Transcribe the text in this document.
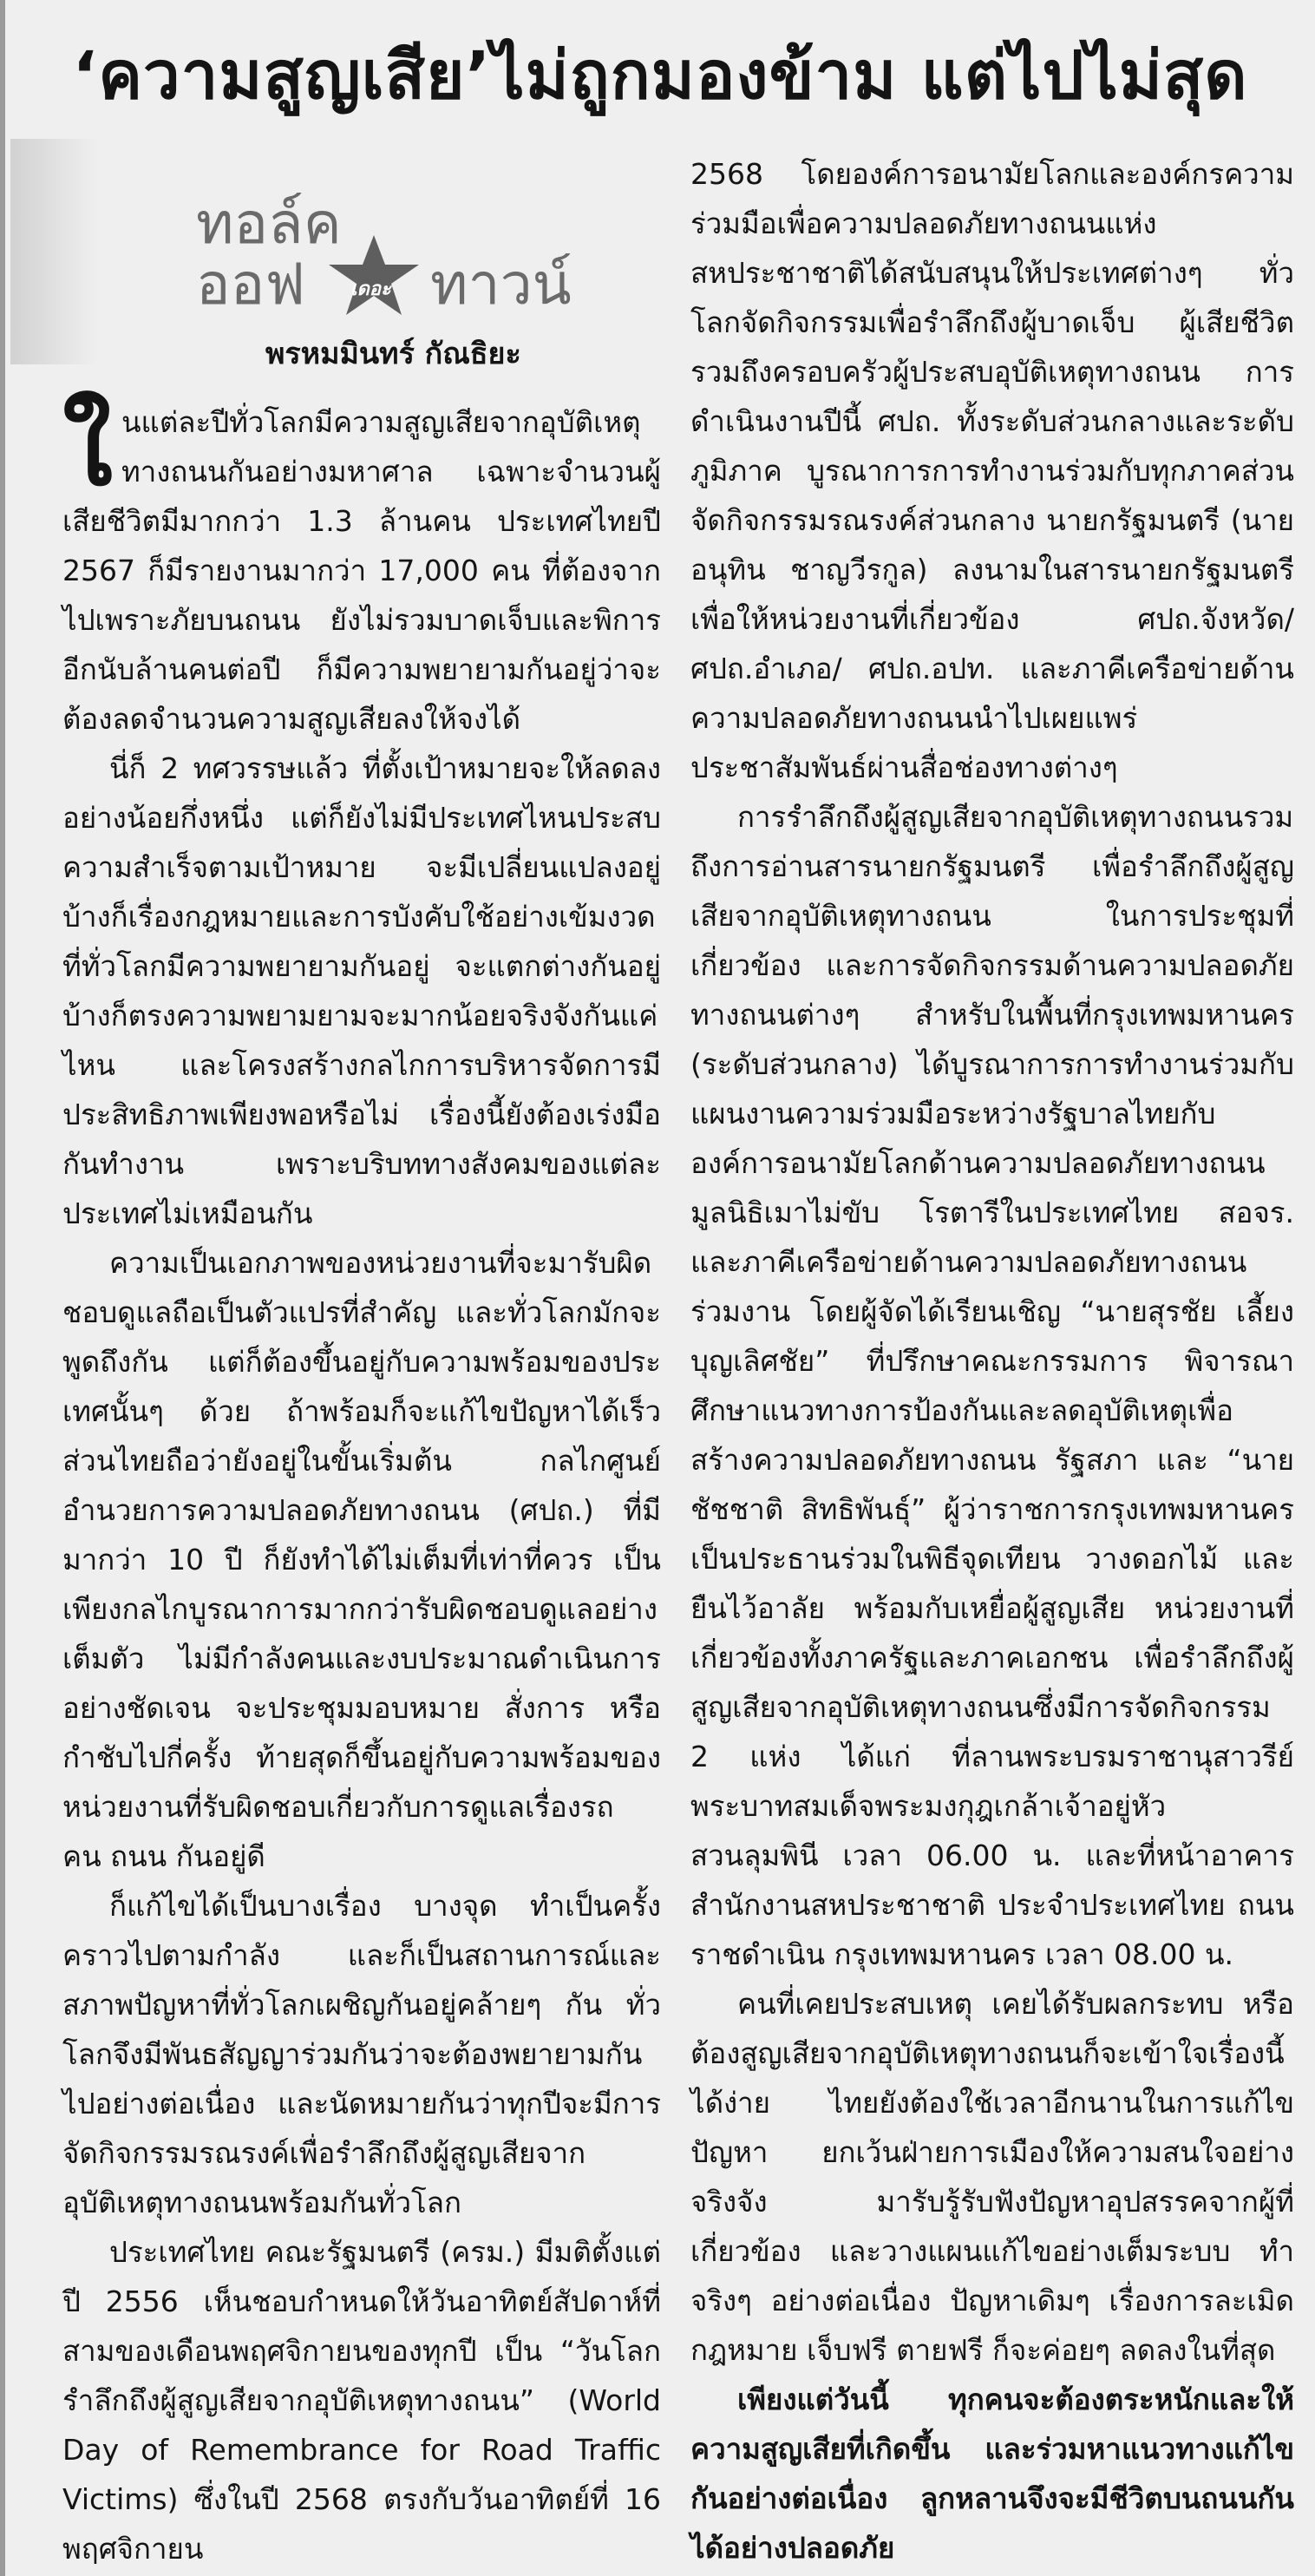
‘ความสูญเสีย’ไม่ถูกมองข้าม แต่ไปไม่สุด
ทอล์ค
ออฟ เดอะ ทาวน์
พรหมมินทร์ กัณธิยะ

ใ นแต่ละปีทั่วโลกมีความสูญเสียจากอุบัติเหตุทางถนนกันอย่างมหาศาล เฉพาะจำนวนผู้เสียชีวิตมีมากกว่า 1.3 ล้านคน ประเทศไทยปี 2567 ก็มีรายงานมากว่า 17,000 คน ที่ต้องจากไปเพราะภัยบนถนน ยังไม่รวมบาดเจ็บและพิการอีกนับล้านคนต่อปี ก็มีความพยายามกันอยู่ว่าจะต้องลดจำนวนความสูญเสียลงให้จงได้

นี่ก็ 2 ทศวรรษแล้ว ที่ตั้งเป้าหมายจะให้ลดลงอย่างน้อยกึ่งหนึ่ง แต่ก็ยังไม่มีประเทศไหนประสบความสำเร็จตามเป้าหมาย จะมีเปลี่ยนแปลงอยู่บ้างก็เรื่องกฎหมายและการบังคับใช้อย่างเข้มงวดที่ทั่วโลกมีความพยายามกันอยู่ จะแตกต่างกันอยู่บ้างก็ตรงความพยามยามจะมากน้อยจริงจังกันแค่ไหน และโครงสร้างกลไกการบริหารจัดการมีประสิทธิภาพเพียงพอหรือไม่ เรื่องนี้ยังต้องเร่งมือกันทำงาน เพราะบริบททางสังคมของแต่ละประเทศไม่เหมือนกัน

ความเป็นเอกภาพของหน่วยงานที่จะมารับผิดชอบดูแลถือเป็นตัวแปรที่สำคัญ และทั่วโลกมักจะพูดถึงกัน แต่ก็ต้องขึ้นอยู่กับความพร้อมของประเทศนั้นๆ ด้วย ถ้าพร้อมก็จะแก้ไขปัญหาได้เร็ว ส่วนไทยถือว่ายังอยู่ในขั้นเริ่มต้น กลไกศูนย์อำนวยการความปลอดภัยทางถนน (ศปถ.) ที่มีมากว่า 10 ปี ก็ยังทำได้ไม่เต็มที่เท่าที่ควร เป็นเพียงกลไกบูรณาการมากกว่ารับผิดชอบดูแลอย่างเต็มตัว ไม่มีกำลังคนและงบประมาณดำเนินการอย่างชัดเจน จะประชุมมอบหมาย สั่งการ หรือกำชับไปกี่ครั้ง ท้ายสุดก็ขึ้นอยู่กับความพร้อมของหน่วยงานที่รับผิดชอบเกี่ยวกับการดูแลเรื่องรถ คน ถนน กันอยู่ดี

ก็แก้ไขได้เป็นบางเรื่อง บางจุด ทำเป็นครั้งคราวไปตามกำลัง และก็เป็นสถานการณ์และสภาพปัญหาที่ทั่วโลกเผชิญกันอยู่คล้ายๆ กัน ทั่วโลกจึงมีพันธสัญญาร่วมกันว่าจะต้องพยายามกันไปอย่างต่อเนื่อง และนัดหมายกันว่าทุกปีจะมีการจัดกิจกรรมรณรงค์เพื่อรำลึกถึงผู้สูญเสียจากอุบัติเหตุทางถนนพร้อมกันทั่วโลก

ประเทศไทย คณะรัฐมนตรี (ครม.) มีมติตั้งแต่ปี 2556 เห็นชอบกำหนดให้วันอาทิตย์สัปดาห์ที่สามของเดือนพฤศจิกายนของทุกปี เป็น “วันโลกรำลึกถึงผู้สูญเสียจากอุบัติเหตุทางถนน” (World Day of Remembrance for Road Traffic Victims) ซึ่งในปี 2568 ตรงกับวันอาทิตย์ที่ 16 พฤศจิกายน

2568 โดยองค์การอนามัยโลกและองค์กรความร่วมมือเพื่อความปลอดภัยทางถนนแห่งสหประชาชาติได้สนับสนุนให้ประเทศต่างๆ ทั่วโลกจัดกิจกรรมเพื่อรำลึกถึงผู้บาดเจ็บ ผู้เสียชีวิต รวมถึงครอบครัวผู้ประสบอุบัติเหตุทางถนน การดำเนินงานปีนี้ ศปถ. ทั้งระดับส่วนกลางและระดับภูมิภาค บูรณาการการทำงานร่วมกับทุกภาคส่วนจัดกิจกรรมรณรงค์ส่วนกลาง นายกรัฐมนตรี (นายอนุทิน ชาญวีรกูล) ลงนามในสารนายกรัฐมนตรี เพื่อให้หน่วยงานที่เกี่ยวข้อง ศปถ.จังหวัด/ ศปถ.อำเภอ/ ศปถ.อปท. และภาคีเครือข่ายด้านความปลอดภัยทางถนนนำไปเผยแพร่ประชาสัมพันธ์ผ่านสื่อช่องทางต่างๆ

การรำลึกถึงผู้สูญเสียจากอุบัติเหตุทางถนนรวมถึงการอ่านสารนายกรัฐมนตรี เพื่อรำลึกถึงผู้สูญเสียจากอุบัติเหตุทางถนน ในการประชุมที่เกี่ยวข้อง และการจัดกิจกรรมด้านความปลอดภัยทางถนนต่างๆ สำหรับในพื้นที่กรุงเทพมหานคร (ระดับส่วนกลาง) ได้บูรณาการการทำงานร่วมกับแผนงานความร่วมมือระหว่างรัฐบาลไทยกับองค์การอนามัยโลกด้านความปลอดภัยทางถนน มูลนิธิเมาไม่ขับ โรตารีในประเทศไทย สอจร. และภาคีเครือข่ายด้านความปลอดภัยทางถนน ร่วมงาน โดยผู้จัดได้เรียนเชิญ “นายสุรชัย เลี้ยงบุญเลิศชัย” ที่ปรึกษาคณะกรรมการ พิจารณาศึกษาแนวทางการป้องกันและลดอุบัติเหตุเพื่อสร้างความปลอดภัยทางถนน รัฐสภา และ “นายชัชชาติ สิทธิพันธุ์” ผู้ว่าราชการกรุงเทพมหานคร เป็นประธานร่วมในพิธีจุดเทียน วางดอกไม้ และยืนไว้อาลัย พร้อมกับเหยื่อผู้สูญเสีย หน่วยงานที่เกี่ยวข้องทั้งภาครัฐและภาคเอกชน เพื่อรำลึกถึงผู้สูญเสียจากอุบัติเหตุทางถนนซึ่งมีการจัดกิจกรรม 2 แห่ง ได้แก่ ที่ลานพระบรมราชานุสาวรีย์พระบาทสมเด็จพระมงกุฎเกล้าเจ้าอยู่หัว สวนลุมพินี เวลา 06.00 น. และที่หน้าอาคารสำนักงานสหประชาชาติ ประจำประเทศไทย ถนนราชดำเนิน กรุงเทพมหานคร เวลา 08.00 น.

คนที่เคยประสบเหตุ เคยได้รับผลกระทบ หรือต้องสูญเสียจากอุบัติเหตุทางถนนก็จะเข้าใจเรื่องนี้ได้ง่าย ไทยยังต้องใช้เวลาอีกนานในการแก้ไขปัญหา ยกเว้นฝ่ายการเมืองให้ความสนใจอย่างจริงจัง มารับรู้รับฟังปัญหาอุปสรรคจากผู้ที่เกี่ยวข้อง และวางแผนแก้ไขอย่างเต็มระบบ ทำจริงๆ อย่างต่อเนื่อง ปัญหาเดิมๆ เรื่องการละเมิดกฎหมาย เจ็บฟรี ตายฟรี ก็จะค่อยๆ ลดลงในที่สุด

เพียงแต่วันนี้ ทุกคนจะต้องตระหนักและให้ความสูญเสียที่เกิดขึ้น และร่วมหาแนวทางแก้ไขกันอย่างต่อเนื่อง ลูกหลานจึงจะมีชีวิตบนถนนกันได้อย่างปลอดภัย
